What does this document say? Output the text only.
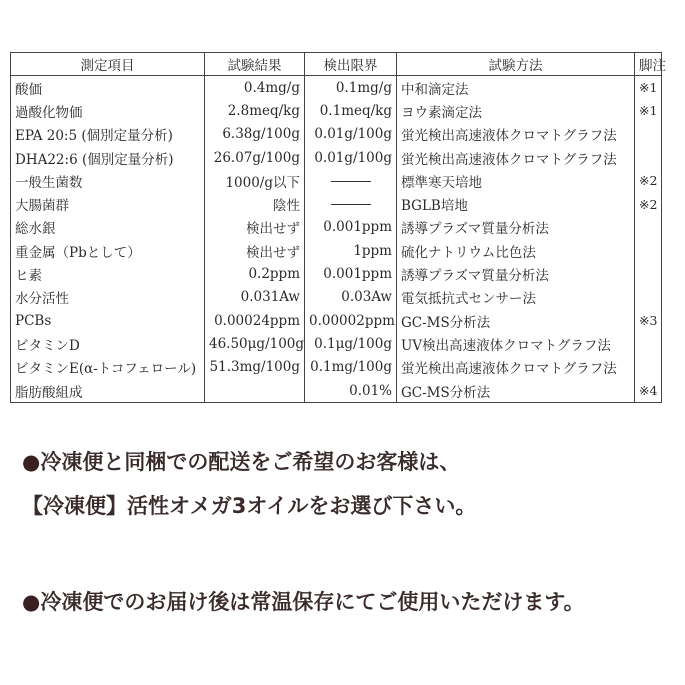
測定項目	試験結果	検出限界	試験方法	脚注
酸価	0.4mg/g	0.1mg/g	中和滴定法	※1
過酸化物価	2.8meq/kg	0.1meq/kg	ヨウ素滴定法	※1
EPA 20:5 (個別定量分析)	6.38g/100g	0.01g/100g	蛍光検出高速液体クロマトグラフ法	
DHA22:6 (個別定量分析)	26.07g/100g	0.01g/100g	蛍光検出高速液体クロマトグラフ法	
一般生菌数	1000/g以下		標準寒天培地	※2
大腸菌群	陰性		BGLB培地	※2
総水銀	検出せず	0.001ppm	誘導プラズマ質量分析法	
重金属（Pbとして）	検出せず	1ppm	硫化ナトリウム比色法	
ヒ素	0.2ppm	0.001ppm	誘導プラズマ質量分析法	
水分活性	0.031Aw	0.03Aw	電気抵抗式センサー法	
PCBs	0.00024ppm	0.00002ppm	GC-MS分析法	※3
ビタミンD	46.50μg/100g	0.1μg/100g	UV検出高速液体クロマトグラフ法	
ビタミンE(α-トコフェロール)	51.3mg/100g	0.1mg/100g	蛍光検出高速液体クロマトグラフ法	
脂肪酸組成		0.01%	GC-MS分析法	※4
●冷凍便と同梱での配送をご希望のお客様は、
【冷凍便】活性オメガ3オイルをお選び下さい。
●冷凍便でのお届け後は常温保存にてご使用いただけます。
